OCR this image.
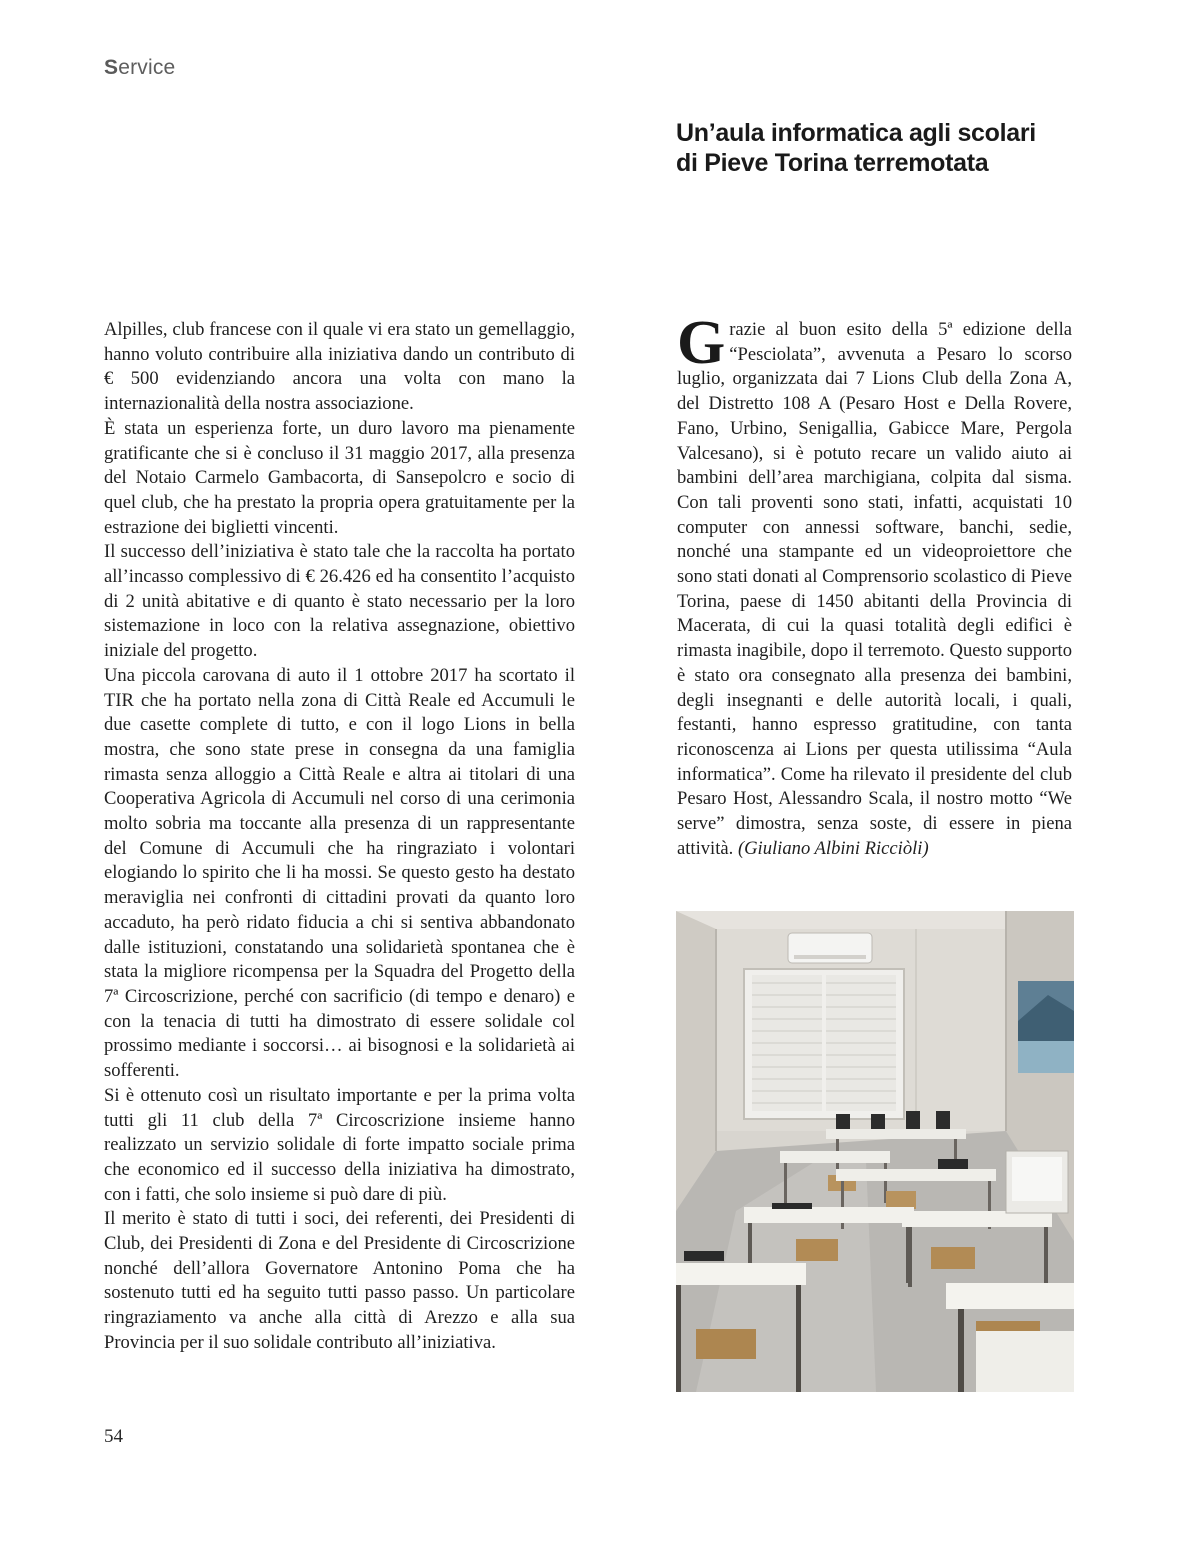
Service
Un’aula informatica agli scolari
di Pieve Torina terremotata

Alpilles, club francese con il quale vi era stato un gemellaggio, hanno voluto contribuire alla iniziativa dando un contributo di € 500 evidenziando ancora una volta con mano la internazionalità della nostra associazione.

È stata un esperienza forte, un duro lavoro ma pienamente gratificante che si è concluso il 31 maggio 2017, alla presenza del Notaio Carmelo Gambacorta, di Sansepolcro e socio di quel club, che ha prestato la propria opera gratuitamente per la estrazione dei biglietti vincenti.

Il successo dell’iniziativa è stato tale che la raccolta ha portato all’incasso complessivo di € 26.426 ed ha consentito l’acquisto di 2 unità abitative e di quanto è stato necessario per la loro sistemazione in loco con la relativa assegnazione, obiettivo iniziale del progetto.

Una piccola carovana di auto il 1 ottobre 2017 ha scortato il TIR che ha portato nella zona di Città Reale ed Accumuli le due casette complete di tutto, e con il logo Lions in bella mostra, che sono state prese in consegna da una famiglia rimasta senza alloggio a Città Reale e altra ai titolari di una Cooperativa Agricola di Accumuli nel corso di una cerimonia molto sobria ma toccante alla presenza di un rappresentante del Comune di Accumuli che ha ringraziato i volontari elogiando lo spirito che li ha mossi. Se questo gesto ha destato meraviglia nei confronti di cittadini provati da quanto loro accaduto, ha però ridato fiducia a chi si sentiva abbandonato dalle istituzioni, constatando una solidarietà spontanea che è stata la migliore ricompensa per la Squadra del Progetto della 7ª Circoscrizione, perché con sacrificio (di tempo e denaro) e con la tenacia di tutti ha dimostrato di essere solidale col prossimo mediante i soccorsi… ai bisognosi e la solidarietà ai sofferenti.

Si è ottenuto così un risultato importante e per la prima volta tutti gli 11 club della 7ª Circoscrizione insieme hanno realizzato un servizio solidale di forte impatto sociale prima che economico ed il successo della iniziativa ha dimostrato, con i fatti, che solo insieme si può dare di più.

Il merito è stato di tutti i soci, dei referenti, dei Presidenti di Club, dei Presidenti di Zona e del Presidente di Circoscrizione nonché dell’allora Governatore Antonino Poma che ha sostenuto tutti ed ha seguito tutti passo passo. Un particolare ringraziamento va anche alla città di Arezzo e alla sua Provincia per il suo solidale contributo all’iniziativa.

Grazie al buon esito della 5ª edizione della “Pesciolata”, avvenuta a Pesaro lo scorso luglio, organizzata dai 7 Lions Club della Zona A, del Distretto 108 A (Pesaro Host e Della Rovere, Fano, Urbino, Senigallia, Gabicce Mare, Pergola Valcesano), si è potuto recare un valido aiuto ai bambini dell’area marchigiana, colpita dal sisma. Con tali proventi sono stati, infatti, acquistati 10 computer con annessi software, banchi, sedie, nonché una stampante ed un videoproiettore che sono stati donati al Comprensorio scolastico di Pieve Torina, paese di 1450 abitanti della Provincia di Macerata, di cui la quasi totalità degli edifici è rimasta inagibile, dopo il terremoto. Questo supporto è stato ora consegnato alla presenza dei bambini, degli insegnanti e delle autorità locali, i quali, festanti, hanno espresso gratitudine, con tanta riconoscenza ai Lions per questa utilissima “Aula informatica”. Come ha rilevato il presidente del club Pesaro Host, Alessandro Scala, il nostro motto “We serve” dimostra, senza soste, di essere in piena attività. (Giuliano Albini Ricciòli)

54
